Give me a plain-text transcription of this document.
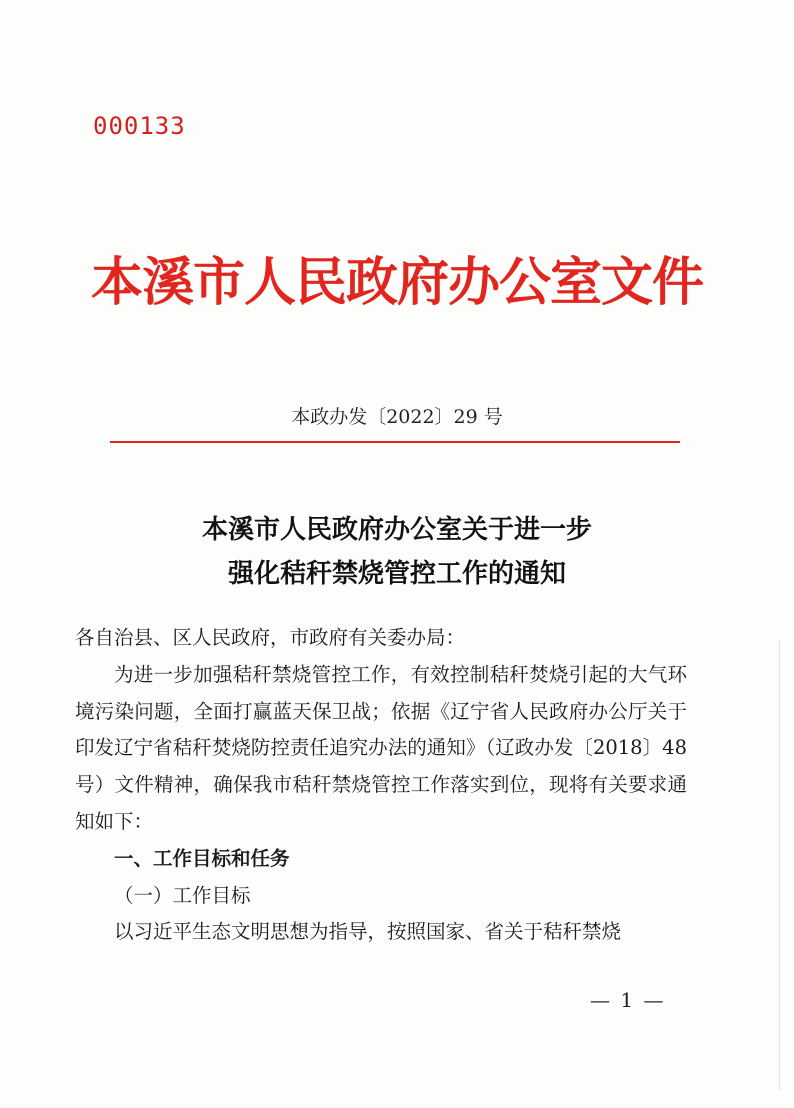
000133
本溪市人民政府办公室文件
本政办发〔2022〕29 号
本溪市人民政府办公室关于进一步
强化秸秆禁烧管控工作的通知

各自治县、区人民政府，市政府有关委办局：

为进一步加强秸秆禁烧管控工作，有效控制秸秆焚烧引起的大气环境污染问题，全面打赢蓝天保卫战；依据《辽宁省人民政府办公厅关于印发辽宁省秸秆焚烧防控责任追究办法的通知》（辽政办发〔2018〕48 号）文件精神，确保我市秸秆禁烧管控工作落实到位，现将有关要求通知如下：

一、工作目标和任务

（一）工作目标

以习近平生态文明思想为指导，按照国家、省关于秸秆禁烧

— 1 —
